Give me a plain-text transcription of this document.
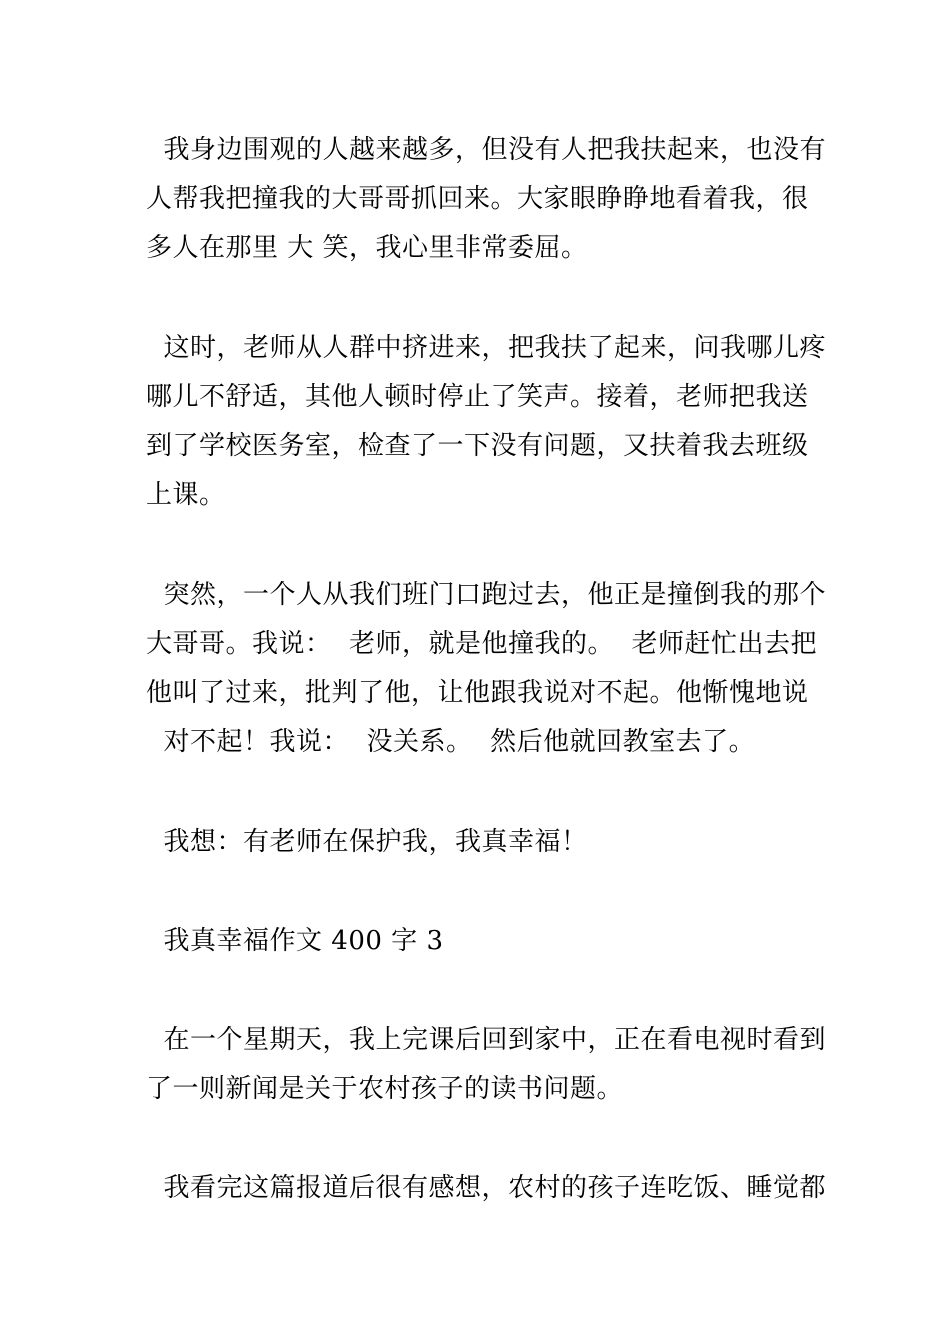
我身边围观的人越来越多，但没有人把我扶起来，也没有
人帮我把撞我的大哥哥抓回来。大家眼睁睁地看着我，很
多人在那里 大 笑，我心里非常委屈。
这时，老师从人群中挤进来，把我扶了起来，问我哪儿疼
哪儿不舒适，其他人顿时停止了笑声。接着，老师把我送
到了学校医务室，检查了一下没有问题，又扶着我去班级
上课。
突然，一个人从我们班门口跑过去，他正是撞倒我的那个
大哥哥。我说：  老师，就是他撞我的。  老师赶忙出去把
他叫了过来，批判了他，让他跟我说对不起。他惭愧地说
对不起！我说：  没关系。  然后他就回教室去了。
我想：有老师在保护我，我真幸福！
我真幸福作文 400 字 3
在一个星期天，我上完课后回到家中，正在看电视时看到
了一则新闻是关于农村孩子的读书问题。
我看完这篇报道后很有感想，农村的孩子连吃饭、睡觉都
